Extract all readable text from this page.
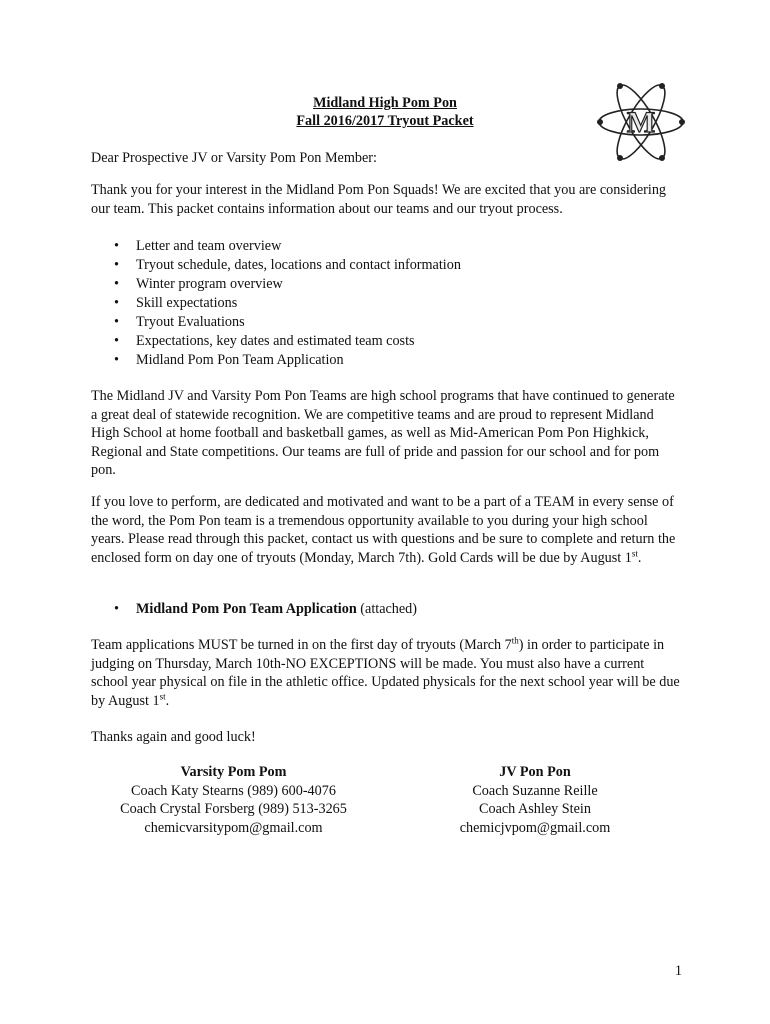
M
Midland High Pom Pon
Fall 2016/2017 Tryout Packet

Dear Prospective JV or Varsity Pom Pon Member:

Thank you for your interest in the Midland Pom Pon Squads! We are excited that you are considering our team. This packet contains information about our teams and our tryout process.

• Letter and team overview
• Tryout schedule, dates, locations and contact information
• Winter program overview
• Skill expectations
• Tryout Evaluations
• Expectations, key dates and estimated team costs
• Midland Pom Pon Team Application

The Midland JV and Varsity Pom Pon Teams are high school programs that have continued to generate a great deal of statewide recognition. We are competitive teams and are proud to represent Midland High School at home football and basketball games, as well as Mid-American Pom Pon Highkick, Regional and State competitions. Our teams are full of pride and passion for our school and for pom pon.

If you love to perform, are dedicated and motivated and want to be a part of a TEAM in every sense of the word, the Pom Pon team is a tremendous opportunity available to you during your high school years. Please read through this packet, contact us with questions and be sure to complete and return the enclosed form on day one of tryouts (Monday, March 7th). Gold Cards will be due by August 1st.

• Midland Pom Pon Team Application (attached)

Team applications MUST be turned in on the first day of tryouts (March 7th) in order to participate in judging on Thursday, March 10th-NO EXCEPTIONS will be made. You must also have a current school year physical on file in the athletic office. Updated physicals for the next school year will be due by August 1st.

Thanks again and good luck!

Varsity Pom Pom
Coach Katy Stearns (989) 600-4076
Coach Crystal Forsberg (989) 513-3265
chemicvarsitypom@gmail.com
JV Pon Pon
Coach Suzanne Reille
Coach Ashley Stein
chemicjvpom@gmail.com
1
